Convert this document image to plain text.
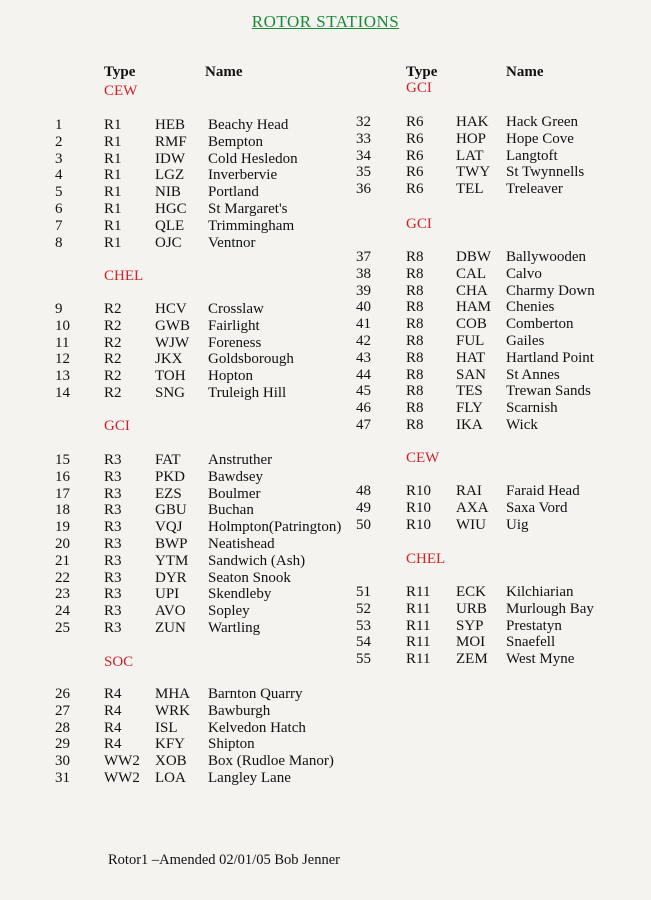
ROTOR STATIONS
Type	Name	Type	Name
CEW
1	R1 HEB Beachy Head
2	R1 RMF Bempton
3	R1 IDW Cold Hesledon
4	R1 LGZ Inverbervie
5	R1 NIB Portland
6	R1 HGC St Margaret's
7	R1 QLE Trimmingham
8	R1 OJC Ventnor
CHEL
9	R2 HCV Crosslaw
10 R2 GWB Fairlight
11 R2 WJW Foreness
12 R2 JKX Goldsborough
13 R2 TOH Hopton
14 R2 SNG Truleigh Hill
GCI
15 R3 FAT Anstruther
16 R3 PKD Bawdsey
17 R3 EZS Boulmer
18 R3 GBU Buchan
19 R3 VQJ Holmpton(Patrington)
20 R3 BWP Neatishead
21 R3 YTM Sandwich (Ash)
22 R3 DYR Seaton Snook
23 R3 UPI Skendleby
24 R3 AVO Sopley
25 R3 ZUN Wartling
SOC
26 R4 MHA Barnton Quarry
27 R4 WRK Bawburgh
28 R4 ISL Kelvedon Hatch
29 R4 KFY Shipton
30 WW2 XOB Box (Rudloe Manor)
31 WW2 LOA Langley Lane
GCI
32 R6 HAK Hack Green
33 R6 HOP Hope Cove
34 R6 LAT Langtoft
35 R6 TWY St Twynnells
36 R6 TEL Treleaver
GCI
37 R8 DBW Ballywooden
38 R8 CAL Calvo
39 R8 CHA Charmy Down
40 R8 HAM Chenies
41 R8 COB Comberton
42 R8 FUL Gailes
43 R8 HAT Hartland Point
44 R8 SAN St Annes
45 R8 TES Trewan Sands
46 R8 FLY Scarnish
47 R8 IKA Wick
CEW
48 R10 RAI Faraid Head
49 R10 AXA Saxa Vord
50 R10 WIU Uig
CHEL
51 R11 ECK Kilchiarian
52 R11 URB Murlough Bay
53 R11 SYP Prestatyn
54 R11 MOI Snaefell
55 R11 ZEM West Myne
Rotor1 –Amended 02/01/05 Bob Jenner
